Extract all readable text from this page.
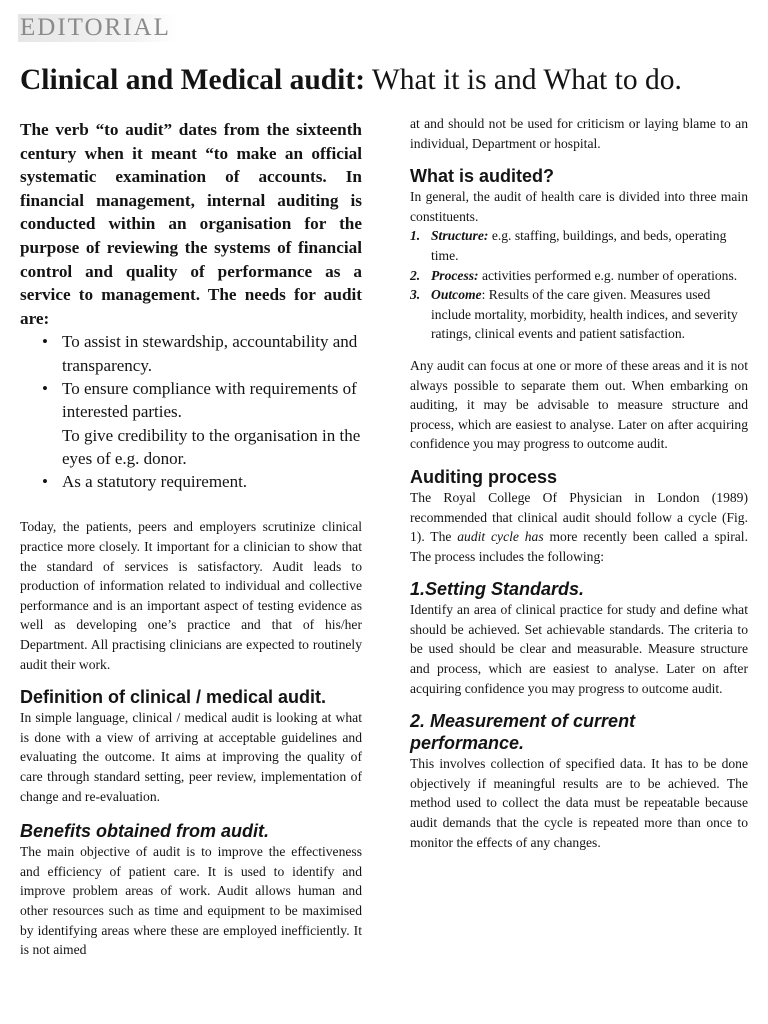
EDITORIAL
Clinical and Medical audit: What it is and What to do.

The verb “to audit” dates from the sixteenth century when it meant “to make an official systematic examination of accounts. In financial management, internal auditing is conducted within an organisation for the purpose of reviewing the systems of financial control and quality of performance as a service to management. The needs for audit are:

• To assist in stewardship, accountability and transparency.
• To ensure compliance with requirements of interested parties.
To give credibility to the organisation in the eyes of e.g. donor.
• As a statutory requirement.

Today, the patients, peers and employers scrutinize clinical practice more closely. It important for a clinician to show that the standard of services is satisfactory. Audit leads to production of information related to individual and collective performance and is an important aspect of testing evidence as well as developing one’s practice and that of his/her Department. All practising clinicians are expected to routinely audit their work.

Definition of clinical / medical audit.

In simple language, clinical / medical audit is looking at what is done with a view of arriving at acceptable guidelines and evaluating the outcome. It aims at improving the quality of care through standard setting, peer review, implementation of change and re-evaluation.

Benefits obtained from audit.

The main objective of audit is to improve the effectiveness and efficiency of patient care. It is used to identify and improve problem areas of work. Audit allows human and other resources such as time and equipment to be maximised by identifying areas where these are employed inefficiently. It is not aimed

at and should not be used for criticism or laying blame to an individual, Department or hospital.

What is audited?

In general, the audit of health care is divided into three main constituents.

1. Structure: e.g. staffing, buildings, and beds, operating time.
2. Process: activities performed e.g. number of operations.
3. Outcome: Results of the care given. Measures used include mortality, morbidity, health indices, and severity ratings, clinical events and patient satisfaction.

Any audit can focus at one or more of these areas and it is not always possible to separate them out. When embarking on auditing, it may be advisable to measure structure and process, which are easiest to analyse. Later on after acquiring confidence you may progress to outcome audit.

Auditing process

The Royal College Of Physician in London (1989) recommended that clinical audit should follow a cycle (Fig. 1). The audit cycle has more recently been called a spiral. The process includes the following:

1.Setting Standards.

Identify an area of clinical practice for study and define what should be achieved. Set achievable standards. The criteria to be used should be clear and measurable. Measure structure and process, which are easiest to analyse. Later on after acquiring confidence you may progress to outcome audit.

2. Measurement of current performance.

This involves collection of specified data. It has to be done objectively if meaningful results are to be achieved. The method used to collect the data must be repeatable because audit demands that the cycle is repeated more than once to monitor the effects of any changes.
